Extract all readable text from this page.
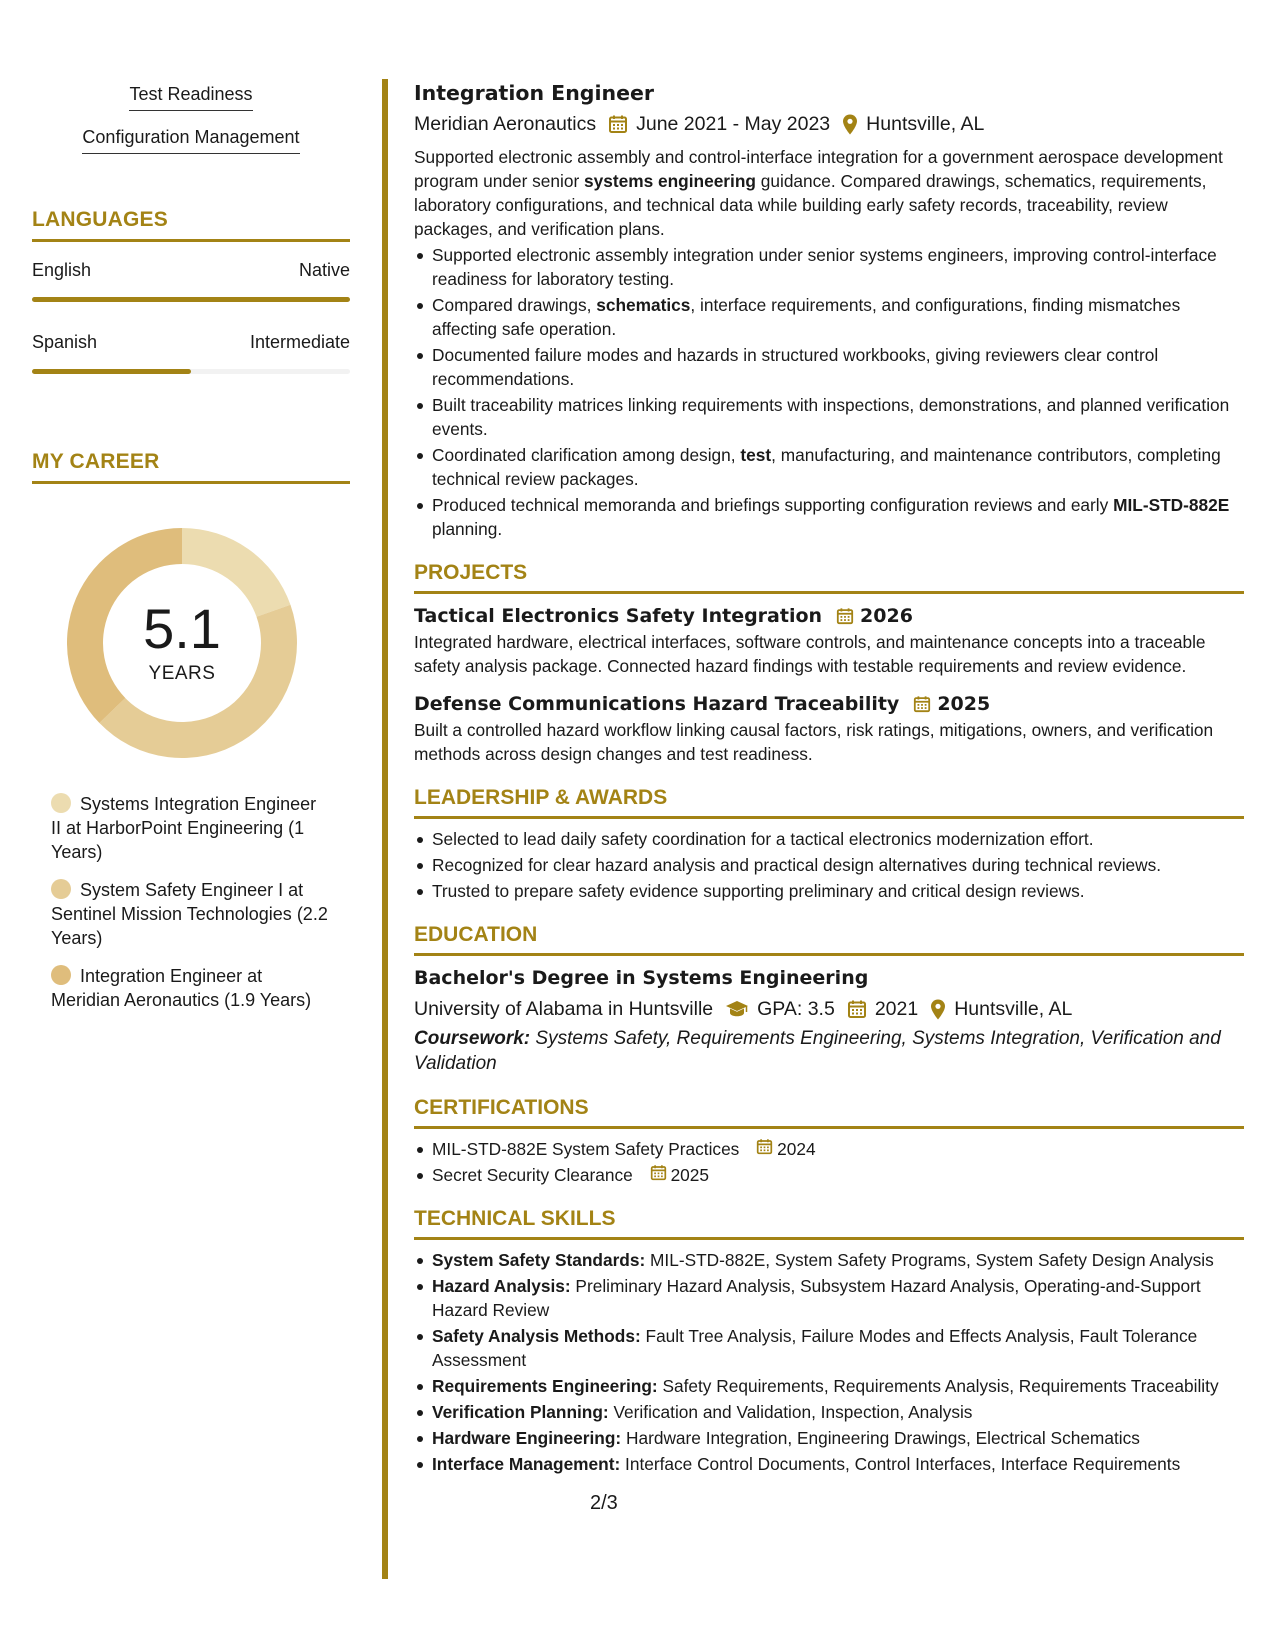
Test Readiness
Configuration Management
LANGUAGES
English	Native
Spanish	Intermediate
MY CAREER
5.1
YEARS
Systems Integration Engineer II at HarborPoint Engineering (1 Years)
System Safety Engineer I at Sentinel Mission Technologies (2.2 Years)
Integration Engineer at Meridian Aeronautics (1.9 Years)
Integration Engineer
Meridian Aeronautics June 2021 - May 2023 Huntsville, AL
Supported electronic assembly and control-interface integration for a government aerospace development program under senior systems engineering guidance. Compared drawings, schematics, requirements, laboratory configurations, and technical data while building early safety records, traceability, review packages, and verification plans.
Supported electronic assembly integration under senior systems engineers, improving control-interface readiness for laboratory testing.
Compared drawings, schematics, interface requirements, and configurations, finding mismatches affecting safe operation.
Documented failure modes and hazards in structured workbooks, giving reviewers clear control recommendations.
Built traceability matrices linking requirements with inspections, demonstrations, and planned verification events.
Coordinated clarification among design, test, manufacturing, and maintenance contributors, completing technical review packages.
Produced technical memoranda and briefings supporting configuration reviews and early MIL-STD-882E planning.
PROJECTS
Tactical Electronics Safety Integration 2026
Integrated hardware, electrical interfaces, software controls, and maintenance concepts into a traceable safety analysis package. Connected hazard findings with testable requirements and review evidence.
Defense Communications Hazard Traceability 2025
Built a controlled hazard workflow linking causal factors, risk ratings, mitigations, owners, and verification methods across design changes and test readiness.
LEADERSHIP & AWARDS
Selected to lead daily safety coordination for a tactical electronics modernization effort.
Recognized for clear hazard analysis and practical design alternatives during technical reviews.
Trusted to prepare safety evidence supporting preliminary and critical design reviews.
EDUCATION
Bachelor's Degree in Systems Engineering
University of Alabama in Huntsville GPA: 3.5 2021 Huntsville, AL
Coursework: Systems Safety, Requirements Engineering, Systems Integration, Verification and Validation
CERTIFICATIONS
MIL-STD-882E System Safety Practices 2024
Secret Security Clearance 2025
TECHNICAL SKILLS
System Safety Standards: MIL-STD-882E, System Safety Programs, System Safety Design Analysis
Hazard Analysis: Preliminary Hazard Analysis, Subsystem Hazard Analysis, Operating-and-Support Hazard Review
Safety Analysis Methods: Fault Tree Analysis, Failure Modes and Effects Analysis, Fault Tolerance Assessment
Requirements Engineering: Safety Requirements, Requirements Analysis, Requirements Traceability
Verification Planning: Verification and Validation, Inspection, Analysis
Hardware Engineering: Hardware Integration, Engineering Drawings, Electrical Schematics
Interface Management: Interface Control Documents, Control Interfaces, Interface Requirements
2/3
